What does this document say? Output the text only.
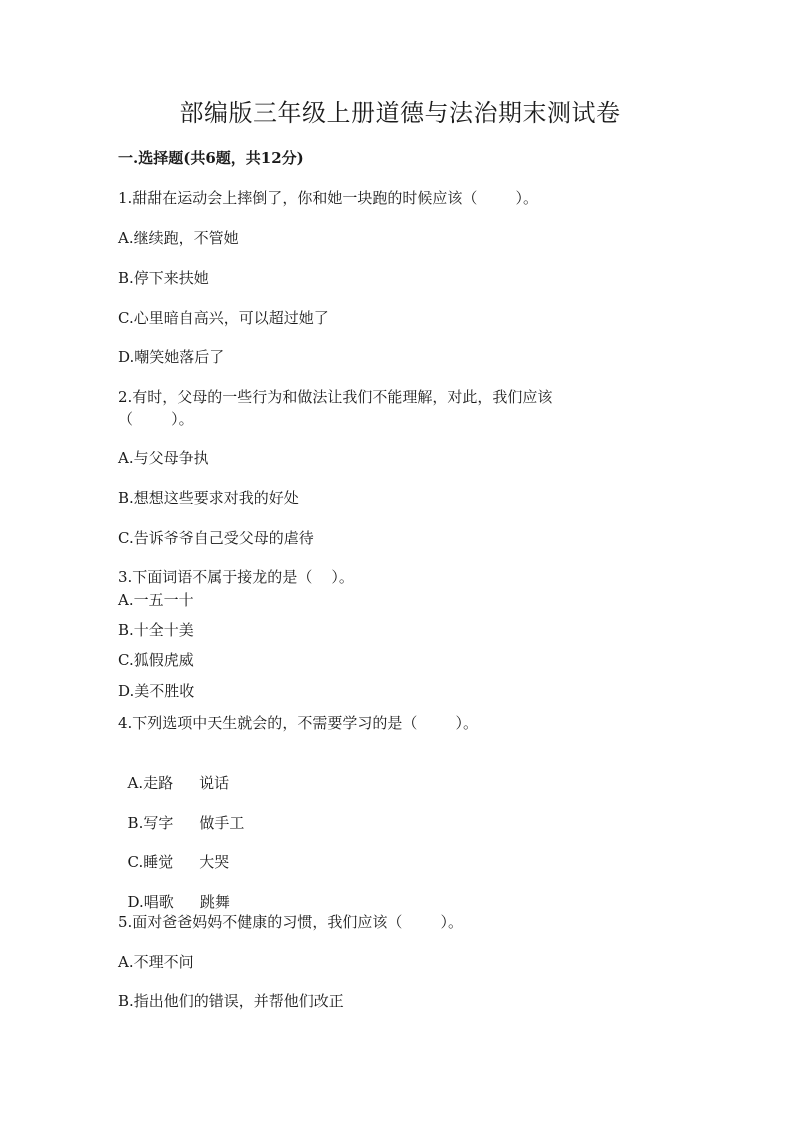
部编版三年级上册道德与法治期末测试卷
一.选择题(共6题，共12分)
1.甜甜在运动会上摔倒了，你和她一块跑的时候应该（        ）。
A.继续跑，不管她
B.停下来扶她
C.心里暗自高兴，可以超过她了
D.嘲笑她落后了
2.有时，父母的一些行为和做法让我们不能理解，对此，我们应该
（        ）。
A.与父母争执
B.想想这些要求对我的好处
C.告诉爷爷自己受父母的虐待
3.下面词语不属于接龙的是（    ）。
A.一五一十
B.十全十美
C.狐假虎威
D.美不胜收
4.下列选项中天生就会的，不需要学习的是（        ）。

A.走路 说话

B.写字 做手工

C.睡觉 大哭

D.唱歌 跳舞

5.面对爸爸妈妈不健康的习惯，我们应该（        ）。
A.不理不问
B.指出他们的错误，并帮他们改正
